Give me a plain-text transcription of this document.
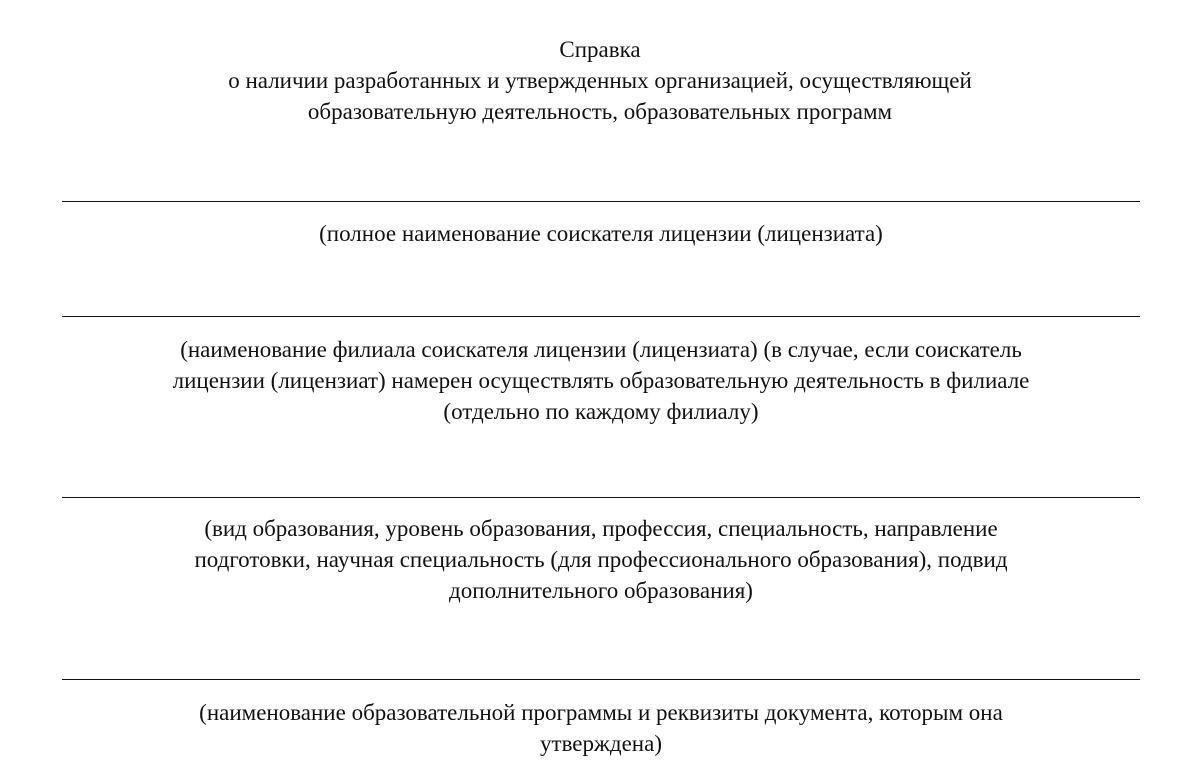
Справка
о наличии разработанных и утвержденных организацией, осуществляющей
образовательную деятельность, образовательных программ
(полное наименование соискателя лицензии (лицензиата)
(наименование филиала соискателя лицензии (лицензиата) (в случае, если соискатель
лицензии (лицензиат) намерен осуществлять образовательную деятельность в филиале
(отдельно по каждому филиалу)
(вид образования, уровень образования, профессия, специальность, направление
подготовки, научная специальность (для профессионального образования), подвид
дополнительного образования)
(наименование образовательной программы и реквизиты документа, которым она
утверждена)
